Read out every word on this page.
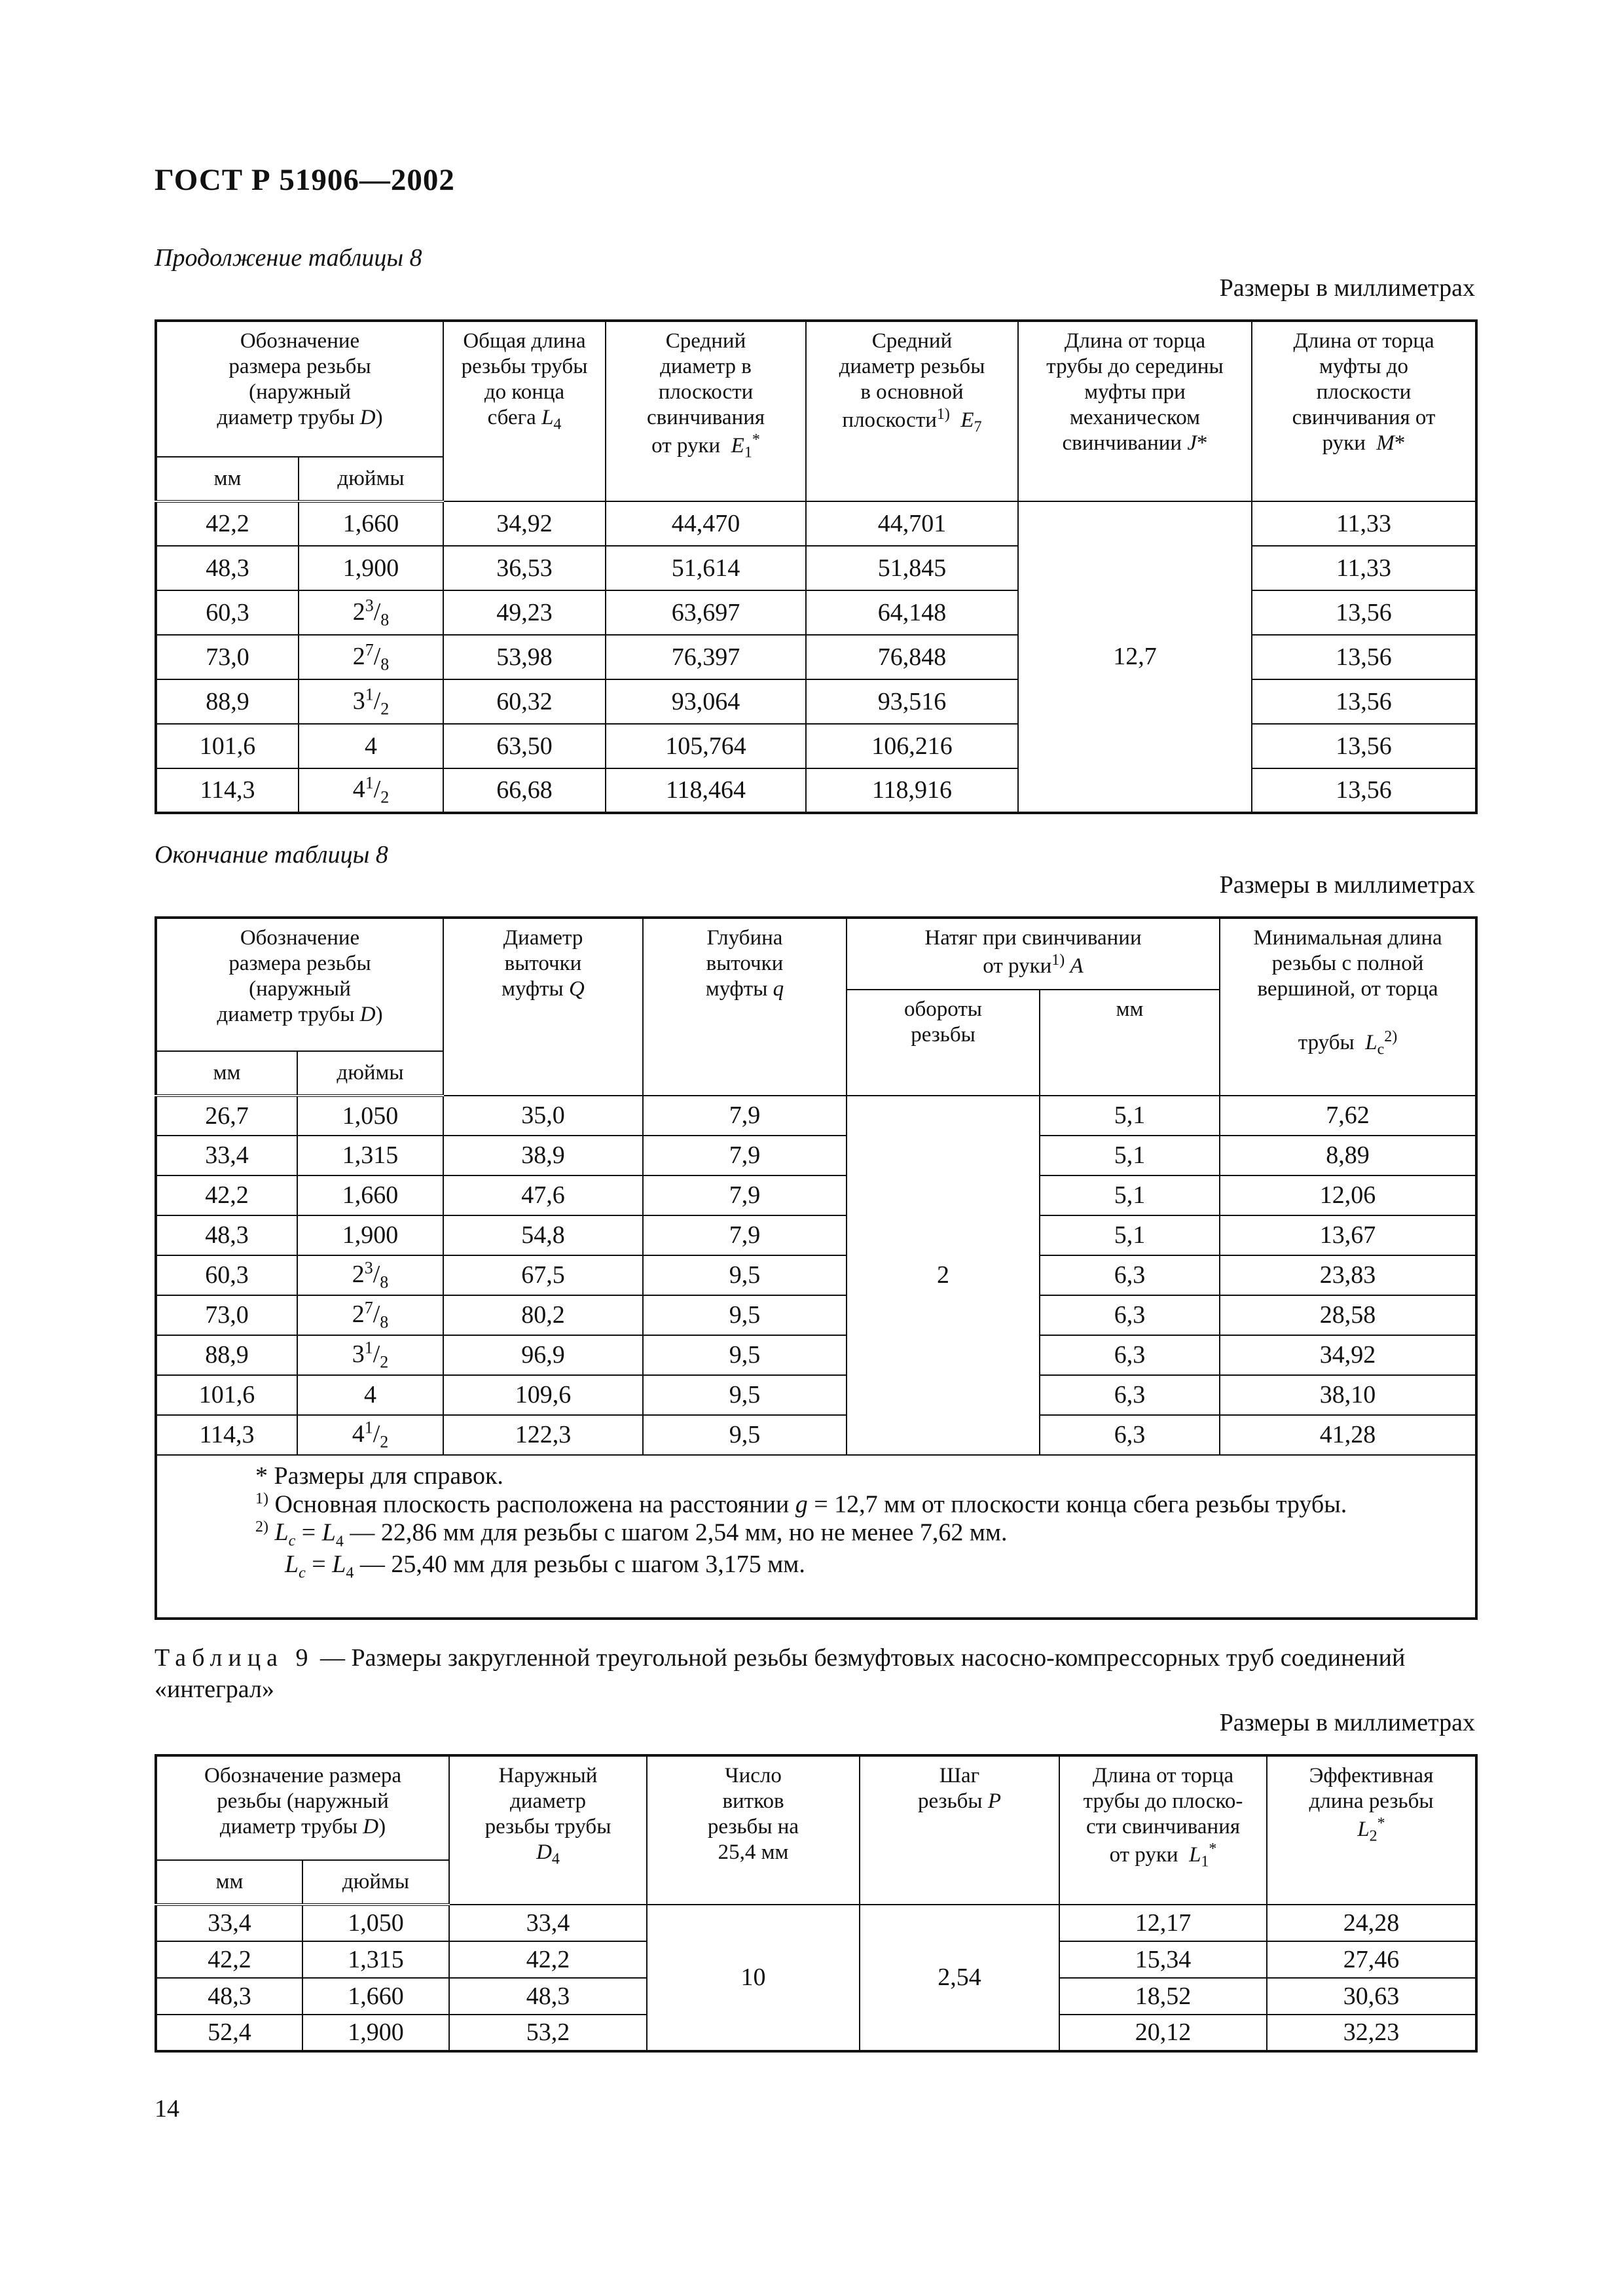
ГОСТ Р 51906—2002
Продолжение таблицы 8
Размеры в миллиметрах
Обозначение
размера резьбы
(наружный
диаметр трубы D)		Общая длина
резьбы трубы
до конца
сбега $L_4$	Средний
диаметр в
плоскости
свинчивания
от руки  $E_1^*$	Средний
диаметр резьбы
в основной
плоскости$^{1)}$ $E_7$	Длина от торца
трубы до середины
муфты при
механическом
свинчивании J*	Длина от торца
муфты до
плоскости
свинчивания от
руки  M*
мм	дюймы					
42,2	1,660	34,92	44,470	44,701	12,7	11,33
48,3	1,900	36,53	51,614	51,845		11,33
60,3	$2^3/_8$	49,23	63,697	64,148		13,56
73,0	$2^7/_8$	53,98	76,397	76,848		13,56
88,9	$3^1/_2$	60,32	93,064	93,516		13,56
101,6	4	63,50	105,764	106,216		13,56
114,3	$4^1/_2$	66,68	118,464	118,916		13,56
Окончание таблицы 8
Размеры в миллиметрах
Обозначение
размера резьбы
(наружный
диаметр трубы D)		Диаметр
выточки
муфты Q	Глубина
выточки
муфты q	Натяг при свинчивании
от руки$^{1)}$ A		Минимальная длина
резьбы с полной
вершиной, от торца

трубы  $L_c^{2)}$
				обороты
резьбы	мм	
мм	дюймы					
26,7	1,050	35,0	7,9	2	5,1	7,62
33,4	1,315	38,9	7,9		5,1	8,89
42,2	1,660	47,6	7,9		5,1	12,06
48,3	1,900	54,8	7,9		5,1	13,67
60,3	$2^3/_8$	67,5	9,5		6,3	23,83
73,0	$2^7/_8$	80,2	9,5		6,3	28,58
88,9	$3^1/_2$	96,9	9,5		6,3	34,92
101,6	4	109,6	9,5		6,3	38,10
114,3	$4^1/_2$	122,3	9,5		6,3	41,28

* Размеры для справок.
$^{1)}$ Основная плоскость расположена на расстоянии g = 12,7 мм от плоскости конца сбега резьбы трубы.
$^{2)}$ $L_c = L_4$ — 22,86 мм для резьбы с шагом 2,54 мм, но не менее 7,62 мм.
$L_c = L_4$ — 25,40 мм для резьбы с шагом 3,175 мм.						
Таблица 9 — Размеры закругленной треугольной резьбы безмуфтовых насосно-компрессорных труб соединений «интеграл»
Размеры в миллиметрах
Обозначение размера
резьбы (наружный
диаметр трубы D)		Наружный
диаметр
резьбы трубы
$D_4$	Число
витков
резьбы на
25,4 мм	Шаг
резьбы P	Длина от торца
трубы до плоско-
сти свинчивания
от руки  $L_1^*$	Эффективная
длина резьбы
$L_2^*$
мм	дюймы					
33,4	1,050	33,4	10	2,54	12,17	24,28
42,2	1,315	42,2			15,34	27,46
48,3	1,660	48,3			18,52	30,63
52,4	1,900	53,2			20,12	32,23
14
